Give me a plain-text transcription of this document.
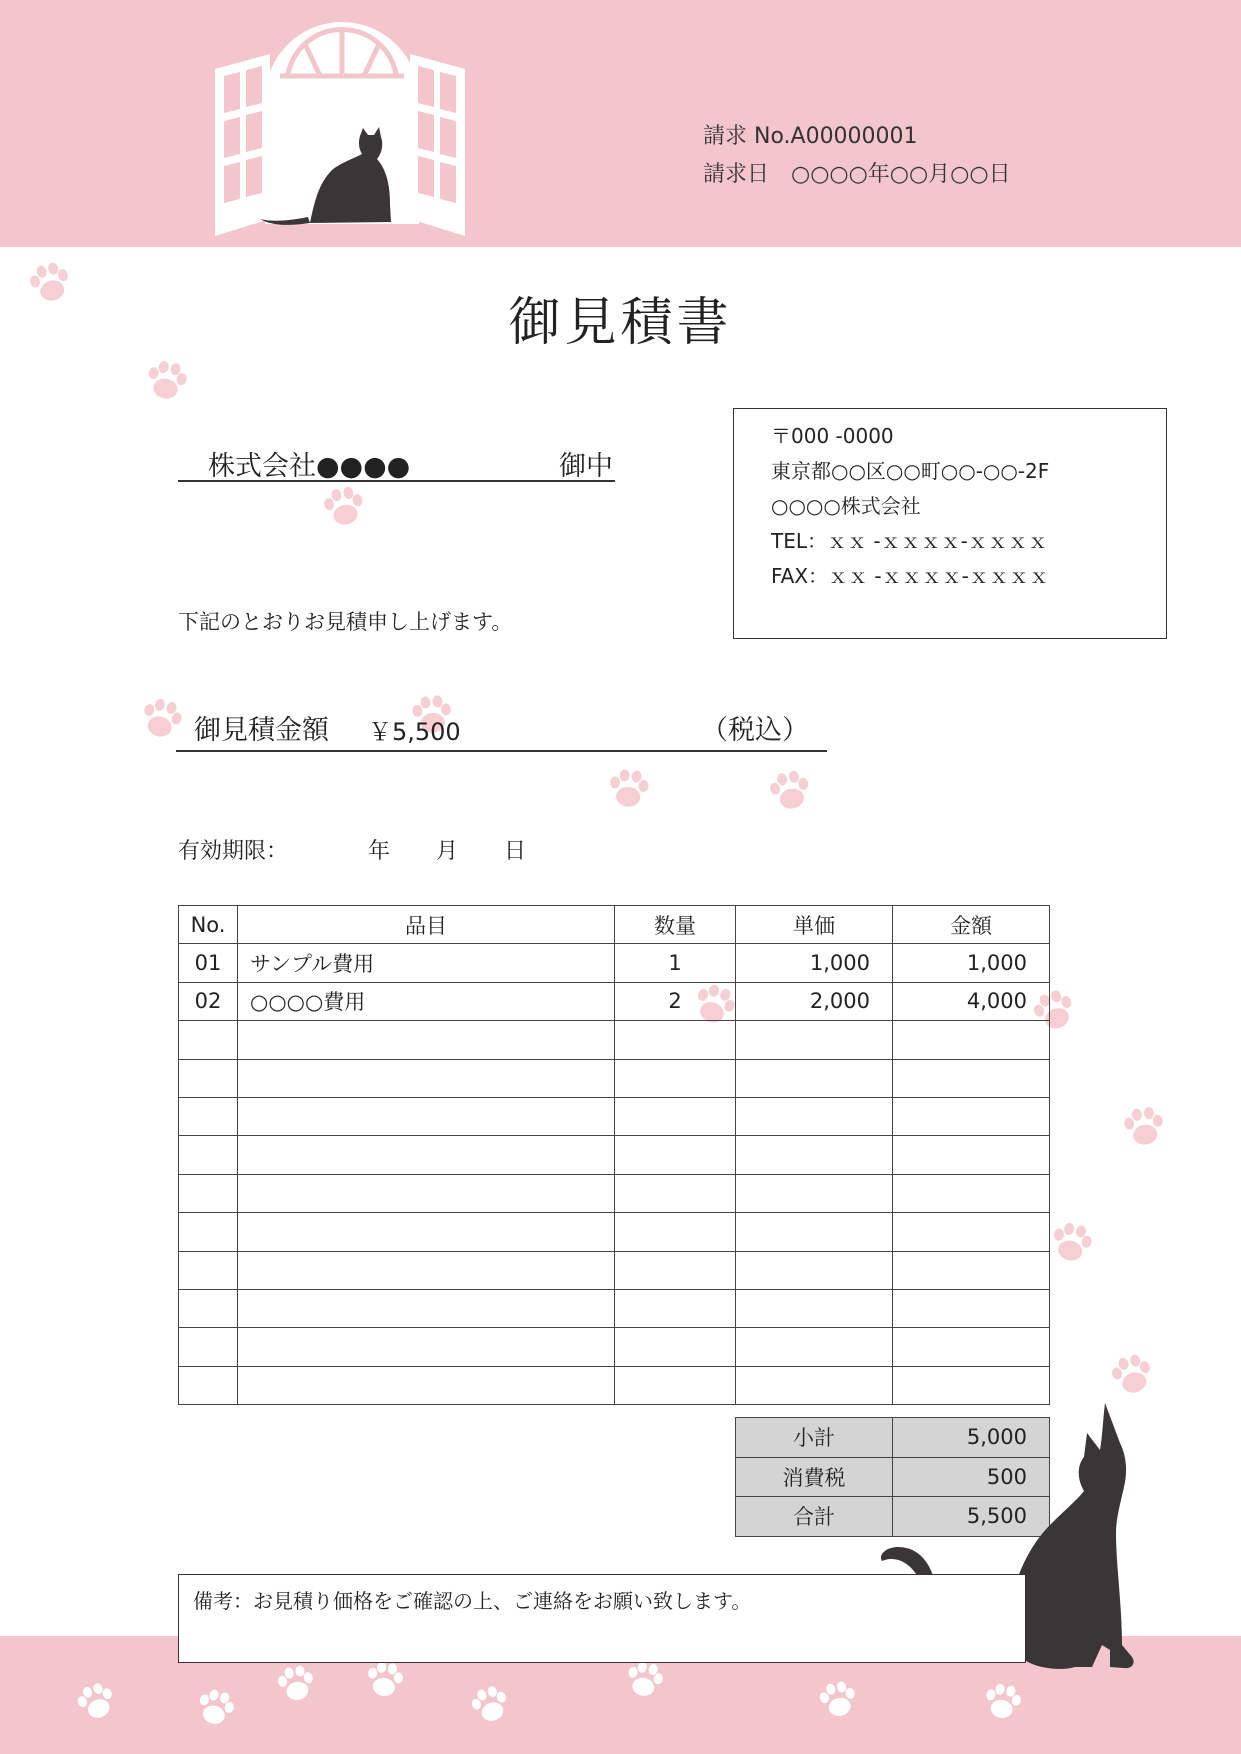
請求 No.A00000001
請求日　○○○○年○○月○○日
御見積書
株式会社●●●●	御中
〒000 -0000
東京都○○区○○町○○-○○-2F
○○○○株式会社
TEL：ｘｘ -ｘｘｘｘ-ｘｘｘｘ
FAX：ｘｘ -ｘｘｘｘ-ｘｘｘｘ
下記のとおりお見積申し上げます。
御見積金額 ￥5,500	（税込）
有効期限：	年 月 日
No.	品目	数量	単価	金額
01	サンプル費用	1	1,000	1,000
02	○○○○費用	2	2,000	4,000

小計	5,000
消費税	500
合計	5,500
備考：お見積り価格をご確認の上、ご連絡をお願い致します。
